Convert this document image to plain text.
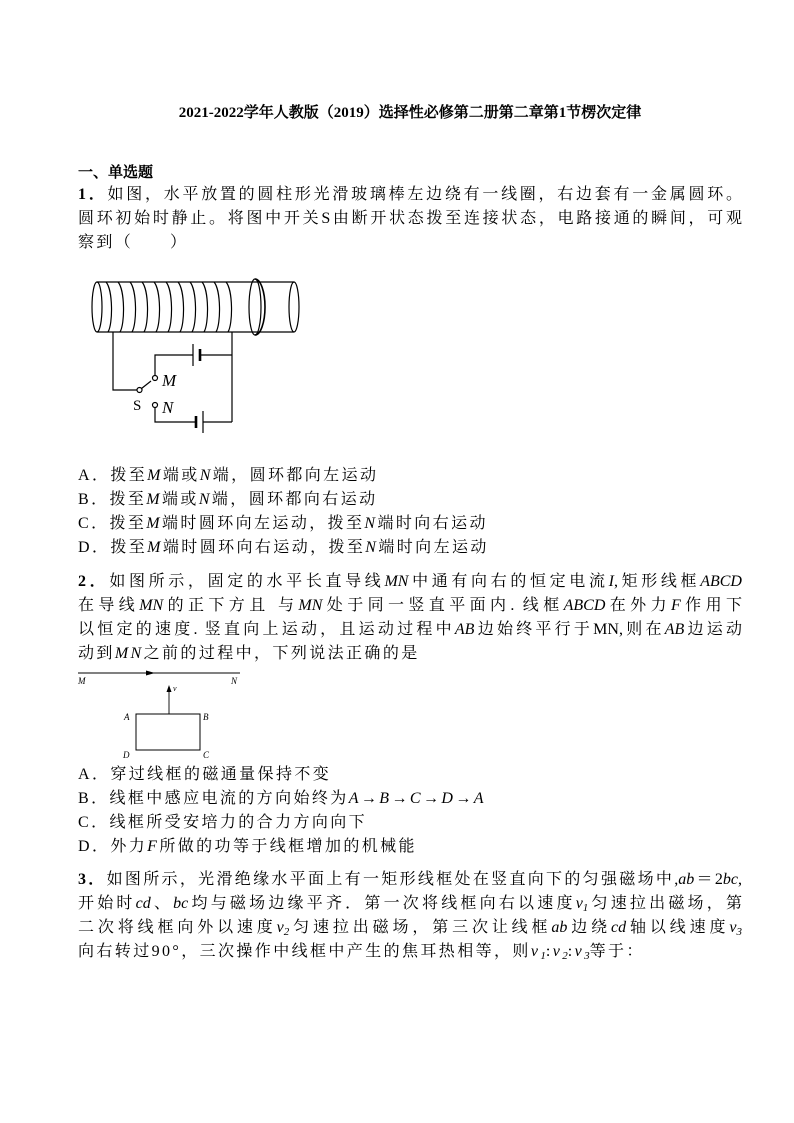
2021-2022学年人教版（2019）选择性必修第二册第二章第1节楞次定律
一、单选题
1．如图，水平放置的圆柱形光滑玻璃棒左边绕有一线圈，右边套有一金属圆环。
圆环初始时静止。将图中开关S由断开状态拨至连接状态，电路接通的瞬间，可观
察到（　　）
M
N
S
A．拨至M端或N端，圆环都向左运动
B．拨至M端或N端，圆环都向右运动
C．拨至M端时圆环向左运动，拨至N端时向右运动
D．拨至M端时圆环向右运动，拨至N端时向左运动
2．如图所示，固定的水平长直导线MN中通有向右的恒定电流I,矩形线框ABCD
在导线MN的正下方且 与MN处于同一竖直平面内. 线框ABCD在外力F作用下
以恒定的速度. 竖直向上运动，且运动过程中AB边始终平行于MN,则在AB边运动
动到MN之前的过程中，下列说法正确的是
M	N
v
A	B
C
D
A．穿过线框的磁通量保持不变
B．线框中感应电流的方向始终为A→B→C→D→A
C．线框所受安培力的合力方向向下
D．外力F所做的功等于线框增加的机械能
3．如图所示，光滑绝缘水平面上有一矩形线框处在竖直向下的匀强磁场中,ab＝2bc,
开始时cd、bc均与磁场边缘平齐．第一次将线框向右以速度v1匀速拉出磁场，第
二次将线框向外以速度v2匀速拉出磁场，第三次让线框ab边绕cd轴以线速度v3
向右转过90°，三次操作中线框中产生的焦耳热相等，则v1:v2:v3等于：
